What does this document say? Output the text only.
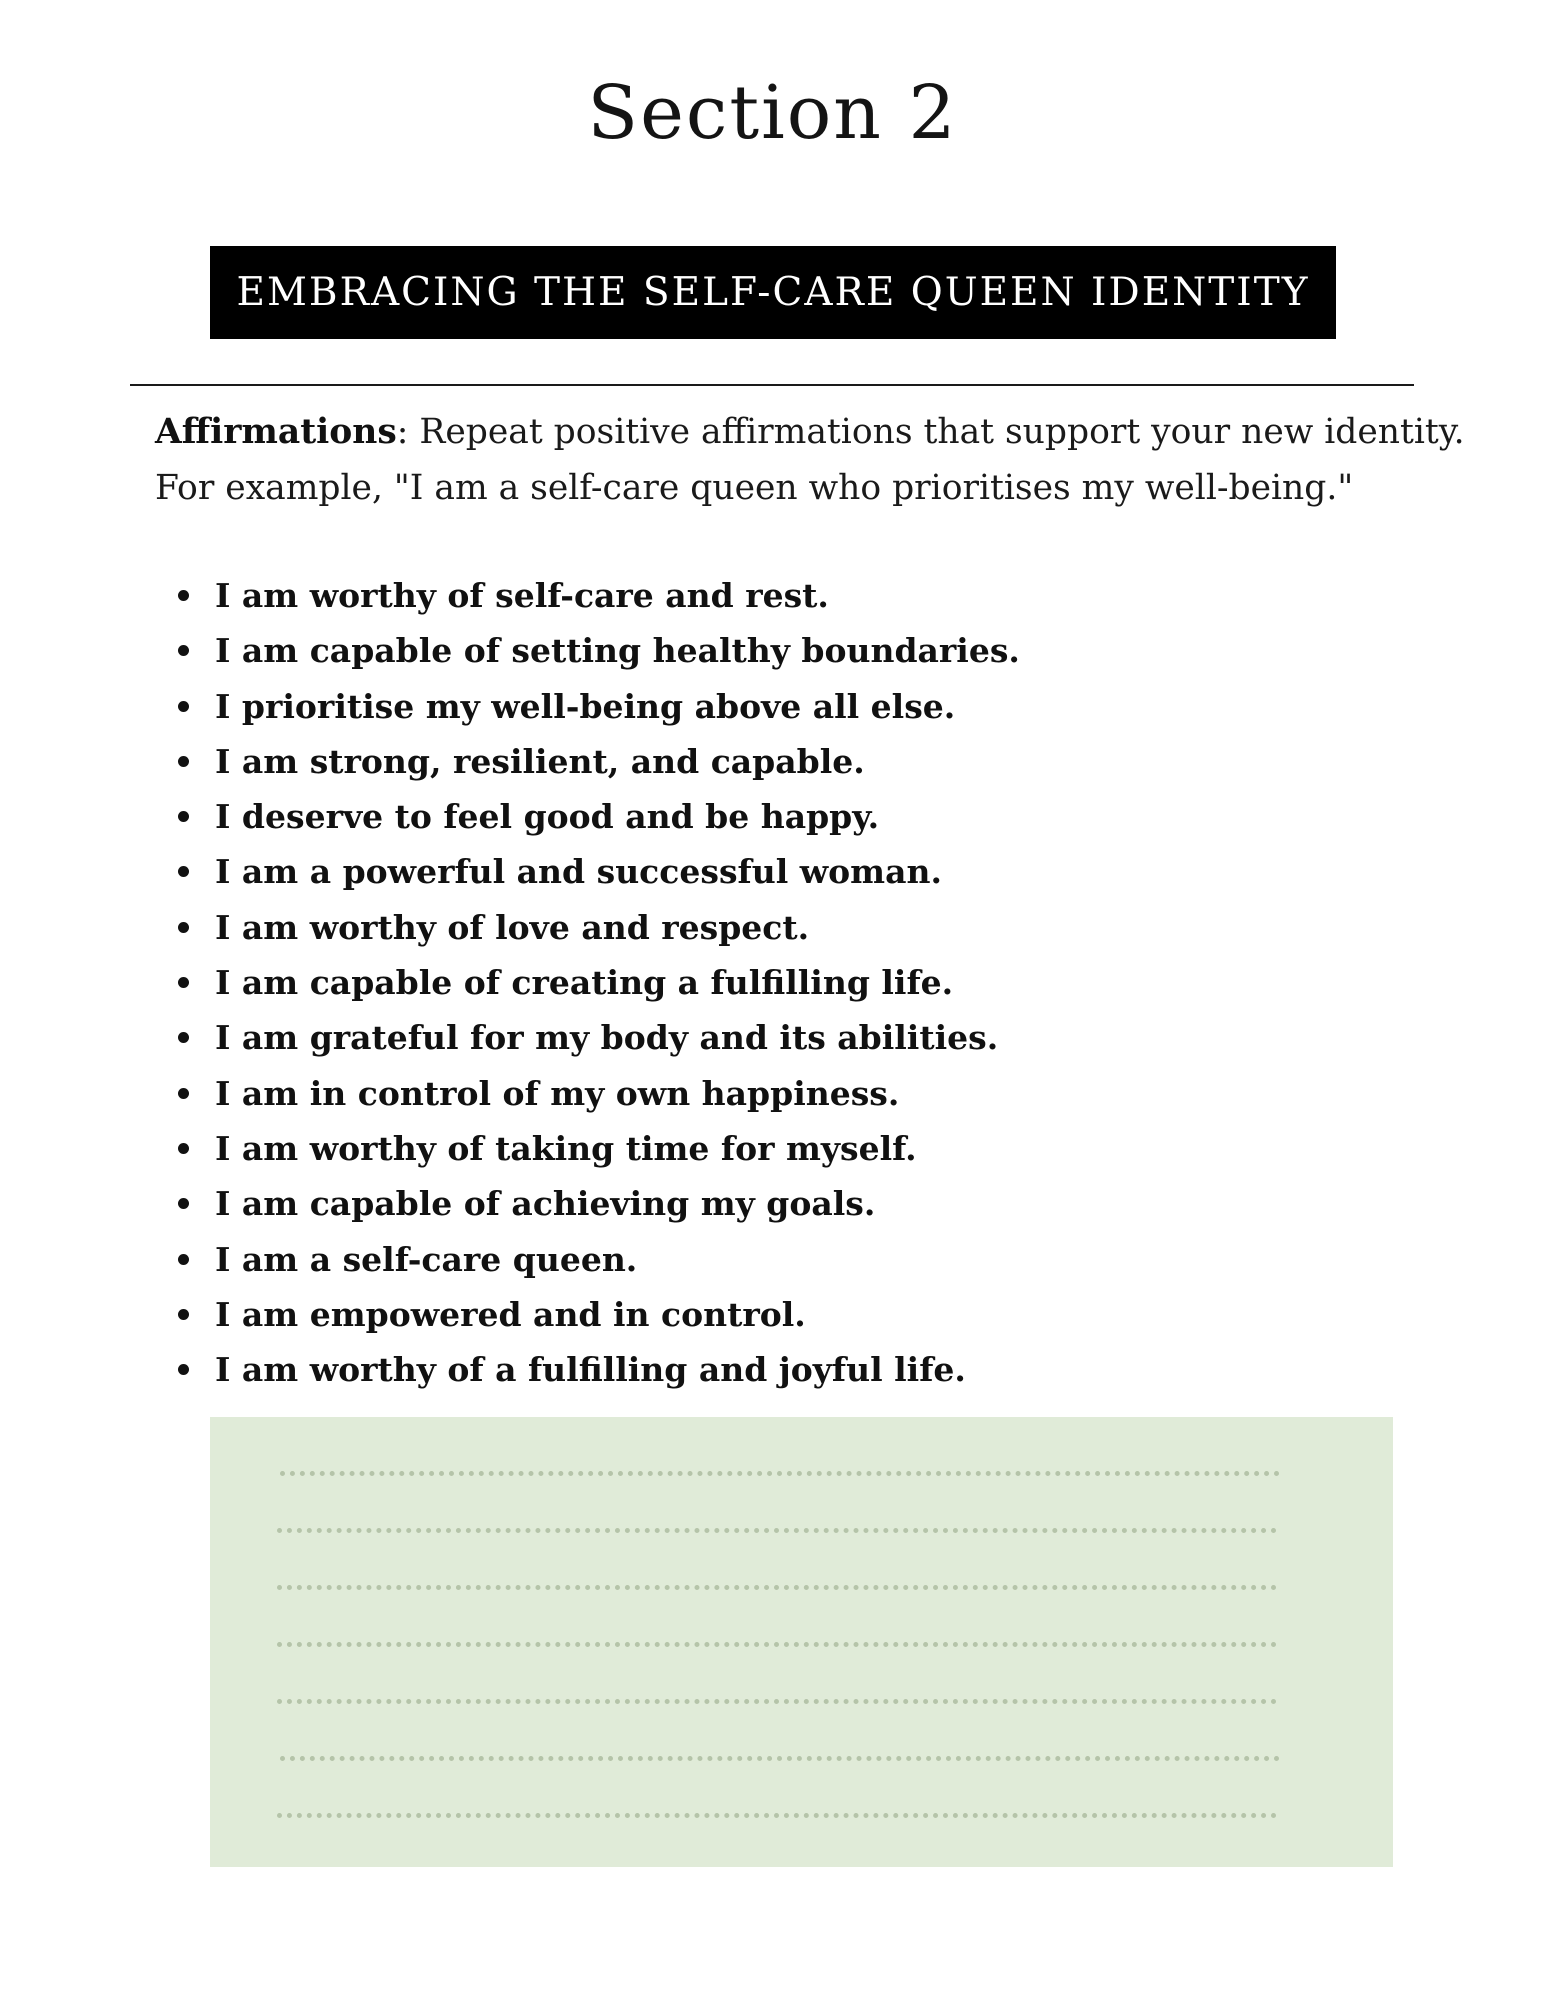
Section 2
EMBRACING THE SELF-CARE QUEEN IDENTITY

Affirmations: Repeat positive affirmations that support your new identity. For example, "I am a self-care queen who prioritises my well-being."

I am worthy of self-care and rest.
I am capable of setting healthy boundaries.
I prioritise my well-being above all else.
I am strong, resilient, and capable.
I deserve to feel good and be happy.
I am a powerful and successful woman.
I am worthy of love and respect.
I am capable of creating a fulfilling life.
I am grateful for my body and its abilities.
I am in control of my own happiness.
I am worthy of taking time for myself.
I am capable of achieving my goals.
I am a self-care queen.
I am empowered and in control.
I am worthy of a fulfilling and joyful life.
